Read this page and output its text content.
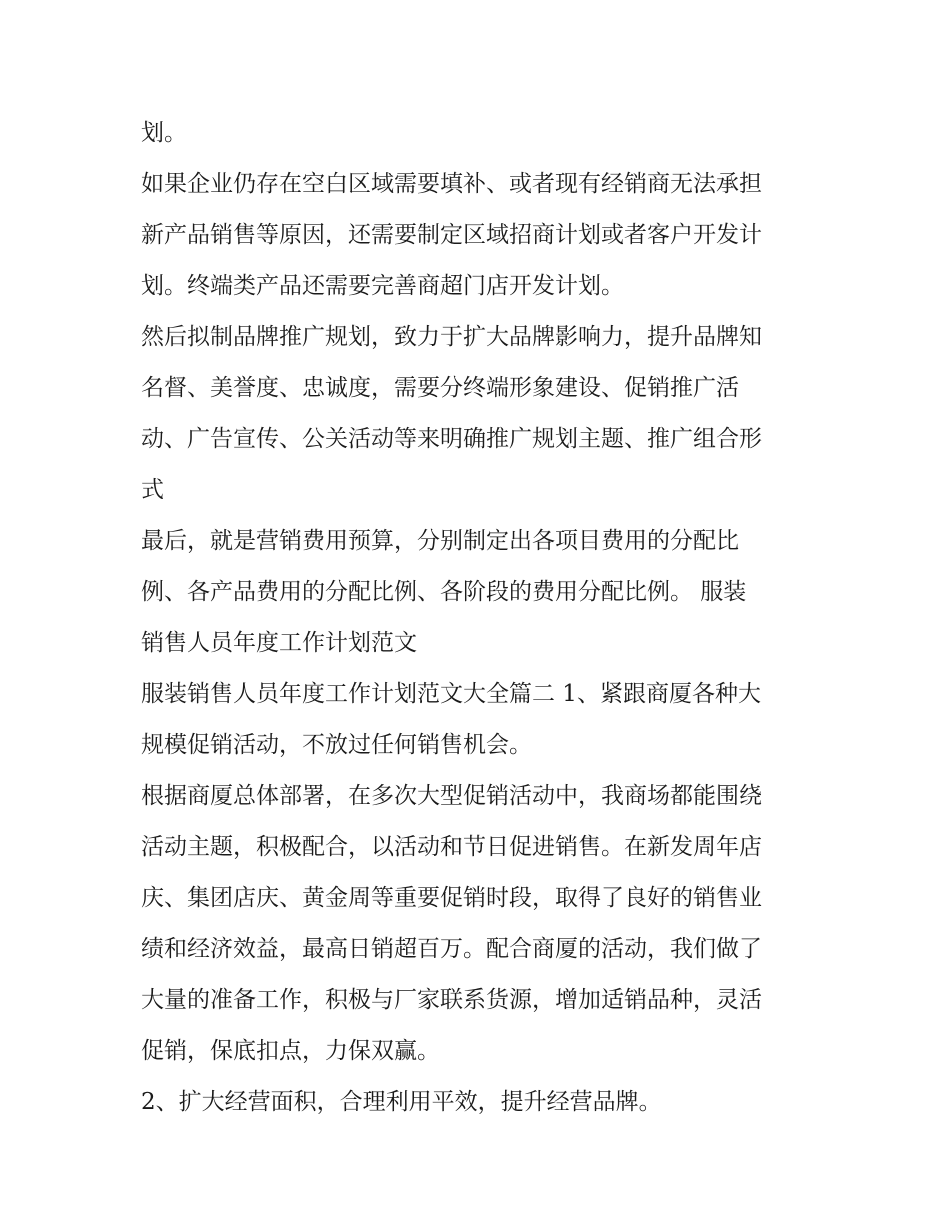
划。
如果企业仍存在空白区域需要填补、或者现有经销商无法承担
新产品销售等原因，还需要制定区域招商计划或者客户开发计
划。终端类产品还需要完善商超门店开发计划。
然后拟制品牌推广规划，致力于扩大品牌影响力，提升品牌知
名督、美誉度、忠诚度，需要分终端形象建设、促销推广活
动、广告宣传、公关活动等来明确推广规划主题、推广组合形
式
最后，就是营销费用预算，分别制定出各项目费用的分配比
例、各产品费用的分配比例、各阶段的费用分配比例。 服装
销售人员年度工作计划范文
服装销售人员年度工作计划范文大全篇二 1、紧跟商厦各种大
规模促销活动，不放过任何销售机会。
根据商厦总体部署，在多次大型促销活动中，我商场都能围绕
活动主题，积极配合，以活动和节日促进销售。在新发周年店
庆、集团店庆、黄金周等重要促销时段，取得了良好的销售业
绩和经济效益，最高日销超百万。配合商厦的活动，我们做了
大量的准备工作，积极与厂家联系货源，增加适销品种，灵活
促销，保底扣点，力保双赢。
2、扩大经营面积，合理利用平效，提升经营品牌。
